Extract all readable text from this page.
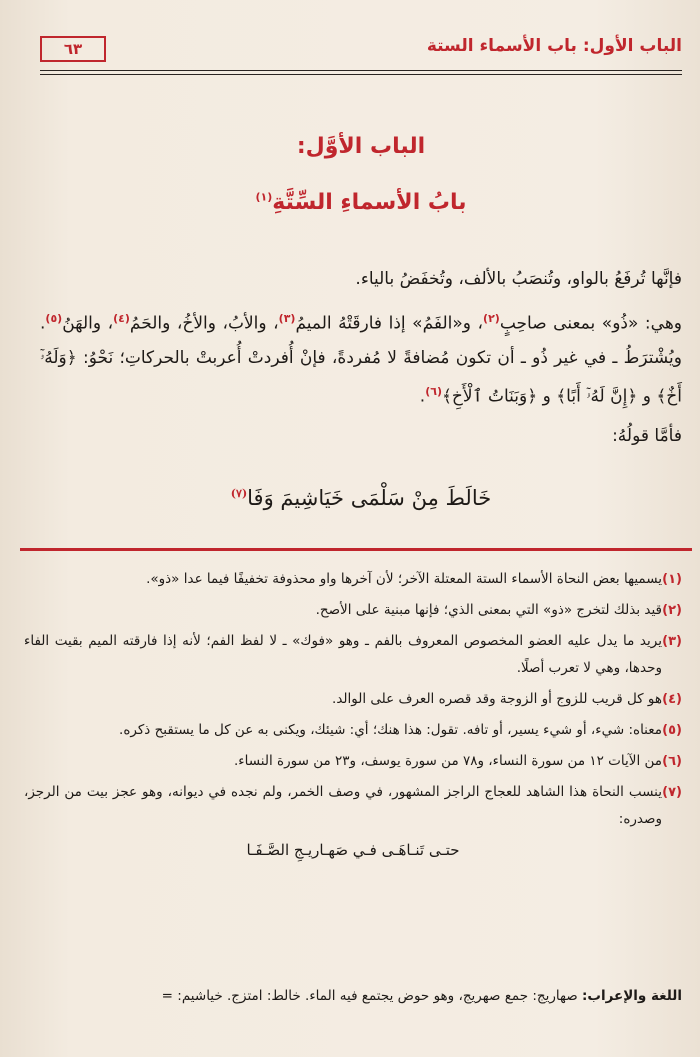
الباب الأول: باب الأسماء الستة
٦٣
الباب الأوَّل:
بابُ الأسماءِ السِّتَّةِ$^{(١)}$

فإنَّها تُرفَعُ بالواو، وتُنصَبُ بالألف، وتُخفَضُ بالياء.

وهي: «ذُو» بمعنى صاحِبٍ$^{(٢)}$، و«الفَمُ» إذا فارقَتْهُ الميمُ$^{(٣)}$، والأبُ، والأخُ، والحَمُ$^{(٤)}$، والهَنُ$^{(٥)}$. ويُشْترَطُ ـ في غير ذُو ـ أن تكون مُضافةً لا مُفردةً، فإنْ أُفردتْ أُعربتْ بالحركاتِ؛ نَحْوُ: ﴿وَلَهُۥٓ أَخٌ﴾ و ﴿إِنَّ لَهُۥٓ أَبًا﴾ و ﴿وَبَنَاتُ ٱلْأَخِ﴾$^{(٦)}$.

فأمَّا قولُهُ:

خَالَطَ مِنْ سَلْمَى خَيَاشِيمَ وَفَا$^{(٧)}$
(١)
يسميها بعض النحاة الأسماء الستة المعتلة الآخر؛ لأن آخرها واو محذوفة تخفيفًا فيما عدا «ذو».
(٢)
قيد بذلك لتخرج «ذو» التي بمعنى الذي؛ فإنها مبنية على الأصح.
(٣)
يريد ما يدل عليه العضو المخصوص المعروف بالفم ـ وهو «فوك» ـ لا لفظ الفم؛ لأنه إذا فارقته الميم بقيت الفاء وحدها، وهي لا تعرب أصلًا.
(٤)
هو كل قريب للزوج أو الزوجة وقد قصره العرف على الوالد.
(٥)
معناه: شيء، أو شيء يسير، أو تافه. تقول: هذا هنك؛ أي: شيئك، ويكنى به عن كل ما يستقبح ذكره.
(٦)
من الآيات ١٢ من سورة النساء، و٧٨ من سورة يوسف، و٢٣ من سورة النساء.
(٧)
ينسب النحاة هذا الشاهد للعجاج الراجز المشهور، في وصف الخمر، ولم نجده في ديوانه، وهو عجز بيت من الرجز، وصدره:
حتـى تَنـاهَـى فـي صَهـاريـجِ الصَّـفَـا
اللغة والإعراب: صهاريج: جمع صهريج، وهو حوض يجتمع فيه الماء. خالط: امتزج. خياشيم: =
